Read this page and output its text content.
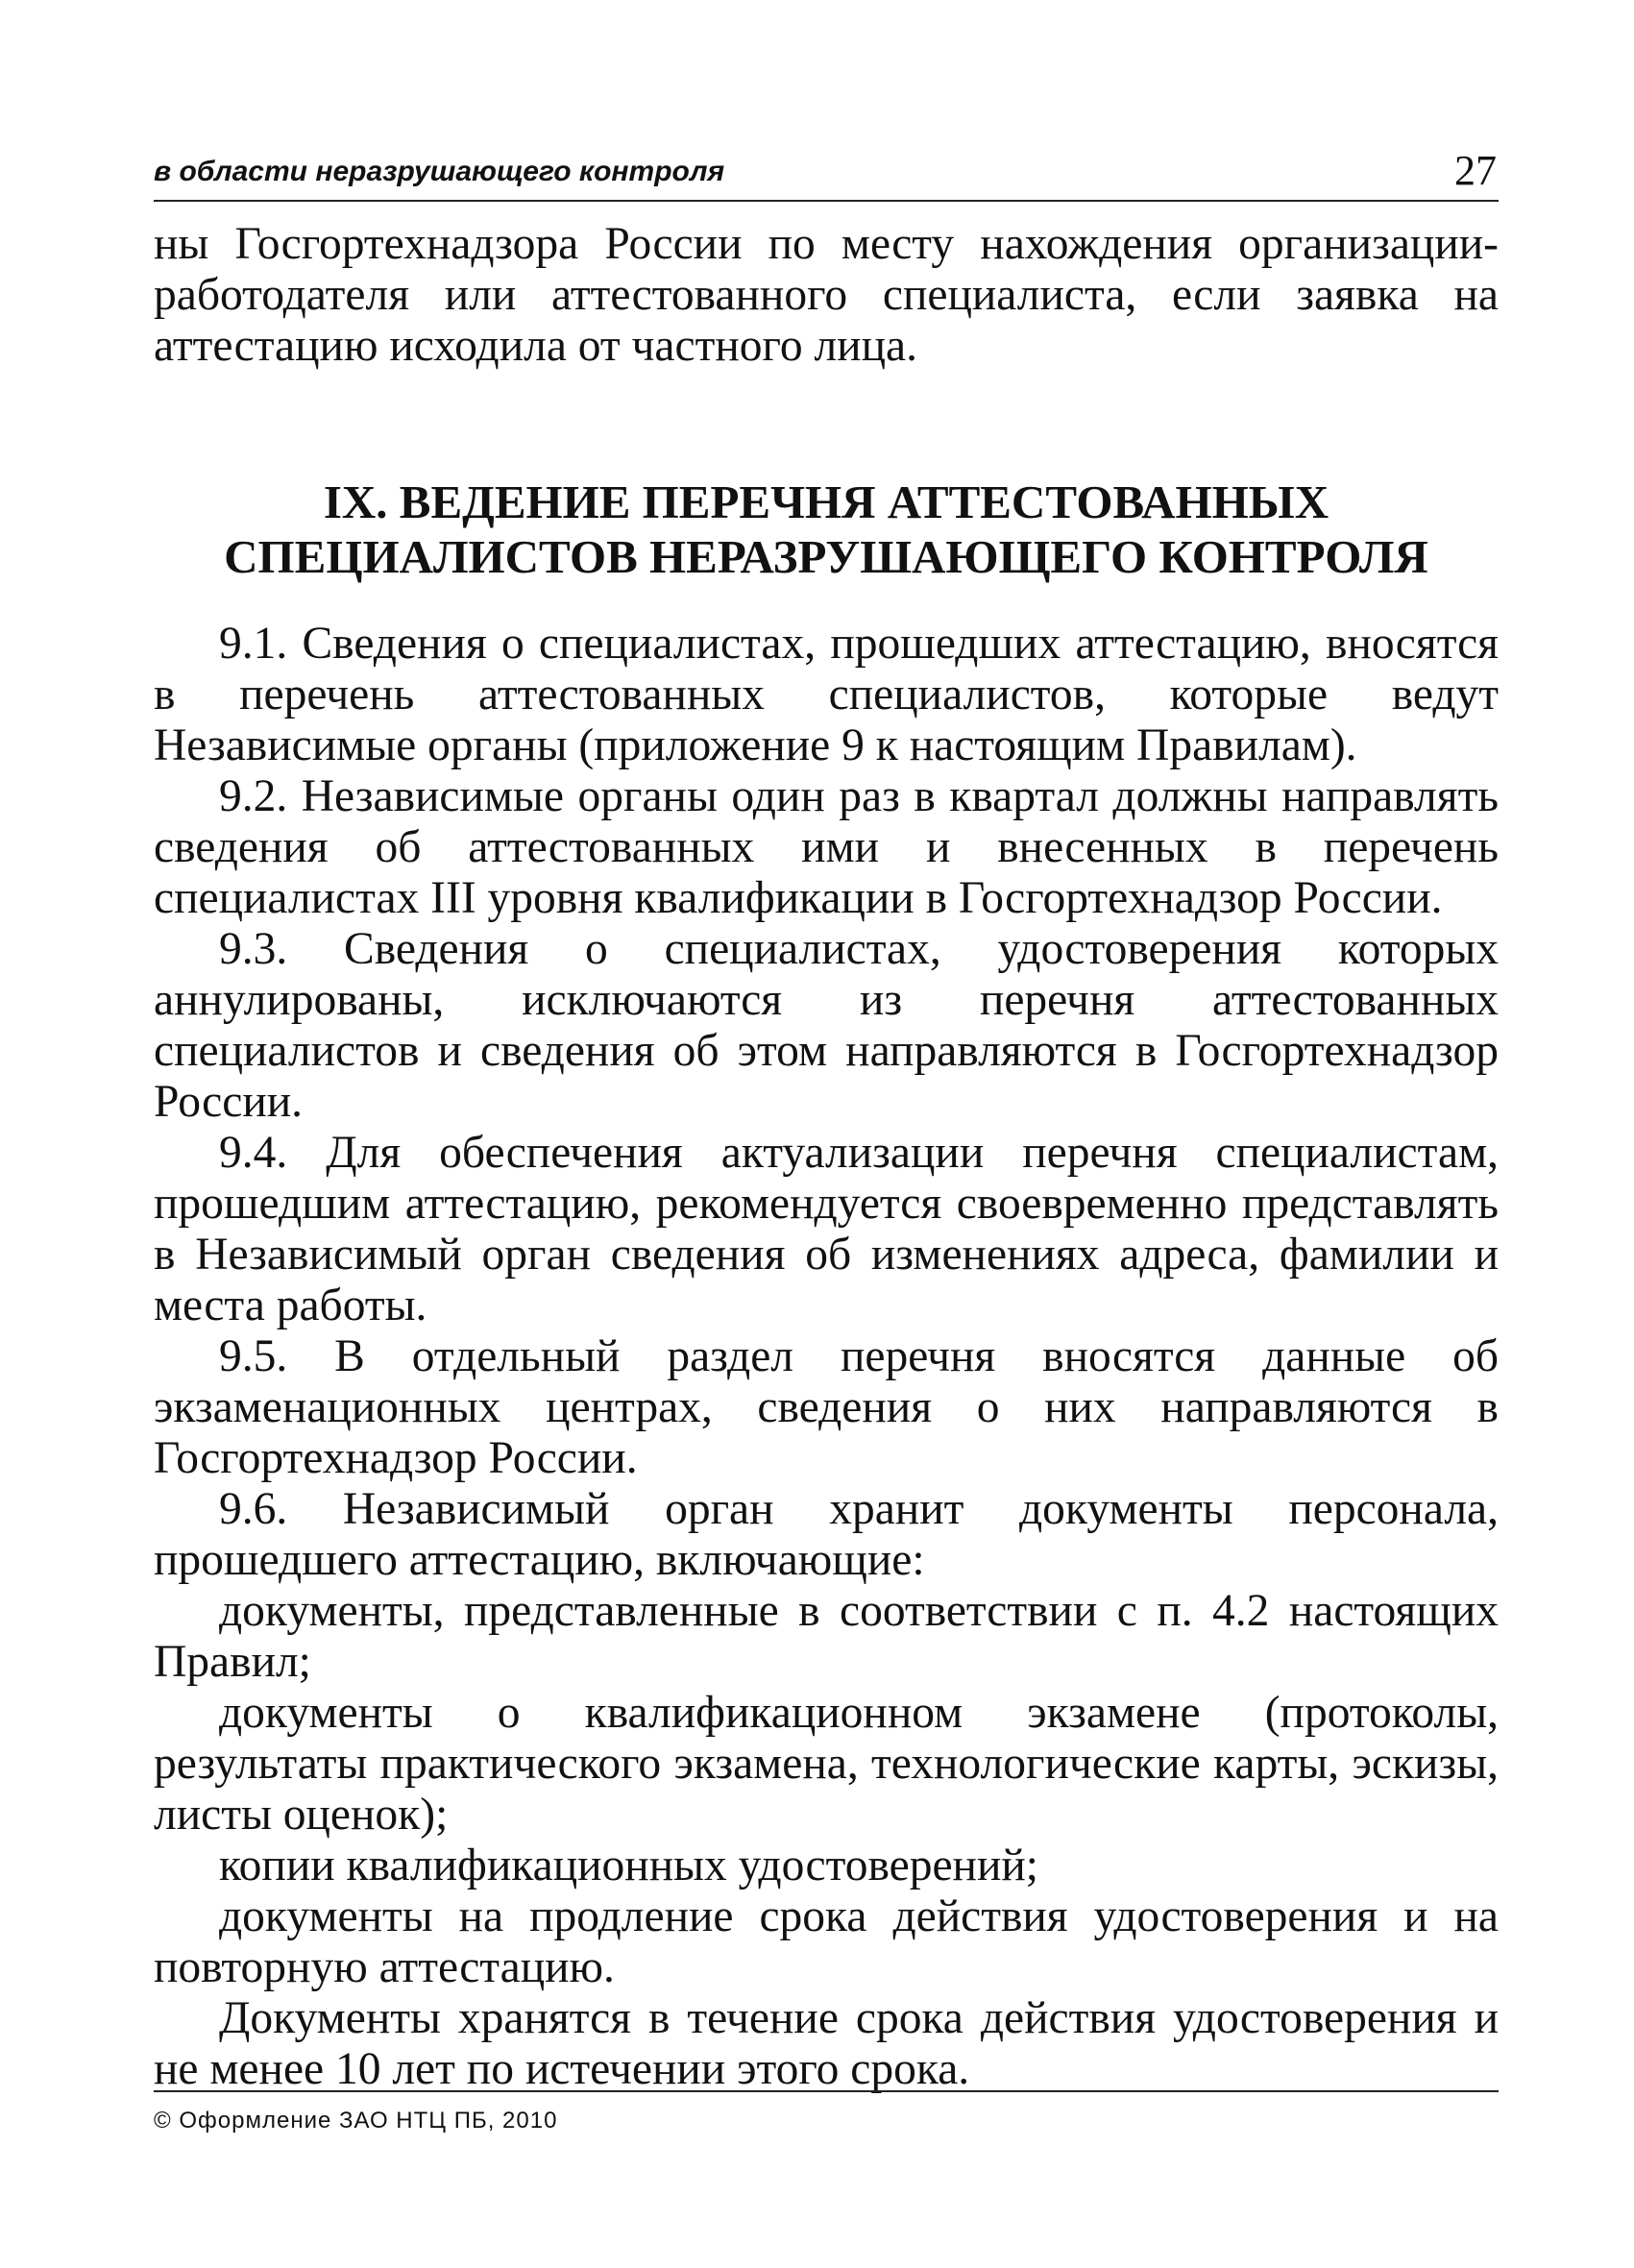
в области неразрушающего контроля	27

ны Госгортехнадзора России по месту нахождения организации-работодателя или аттестованного специалиста, если заявка на аттестацию исходила от частного лица.

IX. ВЕДЕНИЕ ПЕРЕЧНЯ АТТЕСТОВАННЫХ
СПЕЦИАЛИСТОВ НЕРАЗРУШАЮЩЕГО КОНТРОЛЯ

9.1. Сведения о специалистах, прошедших аттестацию, вносятся в перечень аттестованных специалистов, которые ведут Независимые органы (приложение 9 к настоящим Правилам).

9.2. Независимые органы один раз в квартал должны направлять сведения об аттестованных ими и внесенных в перечень специалистах III уровня квалификации в Госгортехнадзор России.

9.3. Сведения о специалистах, удостоверения которых аннулированы, исключаются из перечня аттестованных специалистов и сведения об этом направляются в Госгортехнадзор России.

9.4. Для обеспечения актуализации перечня специалистам, прошедшим аттестацию, рекомендуется своевременно представлять в Независимый орган сведения об изменениях адреса, фамилии и места работы.

9.5. В отдельный раздел перечня вносятся данные об экзаменационных центрах, сведения о них направляются в Госгортехнадзор России.

9.6. Независимый орган хранит документы персонала, прошедшего аттестацию, включающие:

документы, представленные в соответствии с п. 4.2 настоящих Правил;

документы о квалификационном экзамене (протоколы, результаты практического экзамена, технологические карты, эскизы, листы оценок);

копии квалификационных удостоверений;

документы на продление срока действия удостоверения и на повторную аттестацию.

Документы хранятся в течение срока действия удостоверения и не менее 10 лет по истечении этого срока.

© Оформление ЗАО НТЦ ПБ, 2010
